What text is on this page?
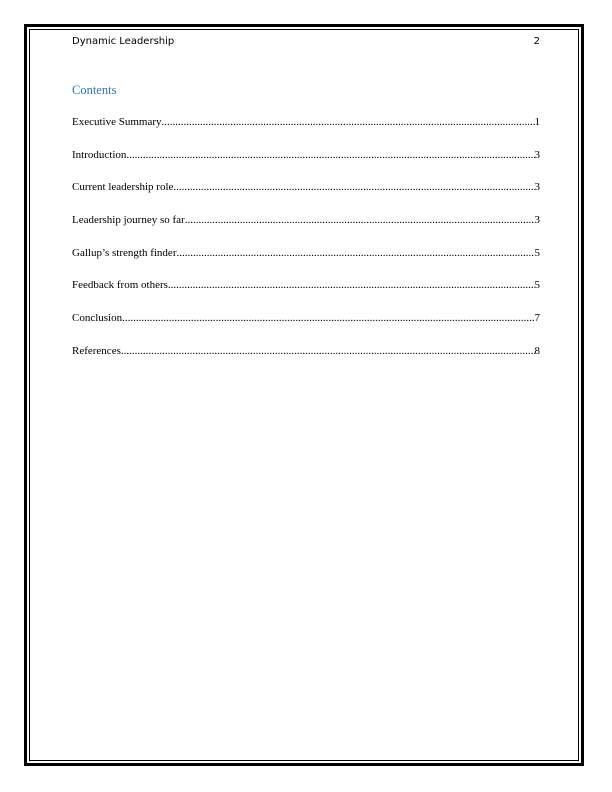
Dynamic Leadership	2
Contents
Executive Summary .....	1
Introduction .....	3
Current leadership role .....	3
Leadership journey so far .....	3
Gallup’s strength finder .....	5
Feedback from others .....	5
Conclusion .....	7
References .....	8
